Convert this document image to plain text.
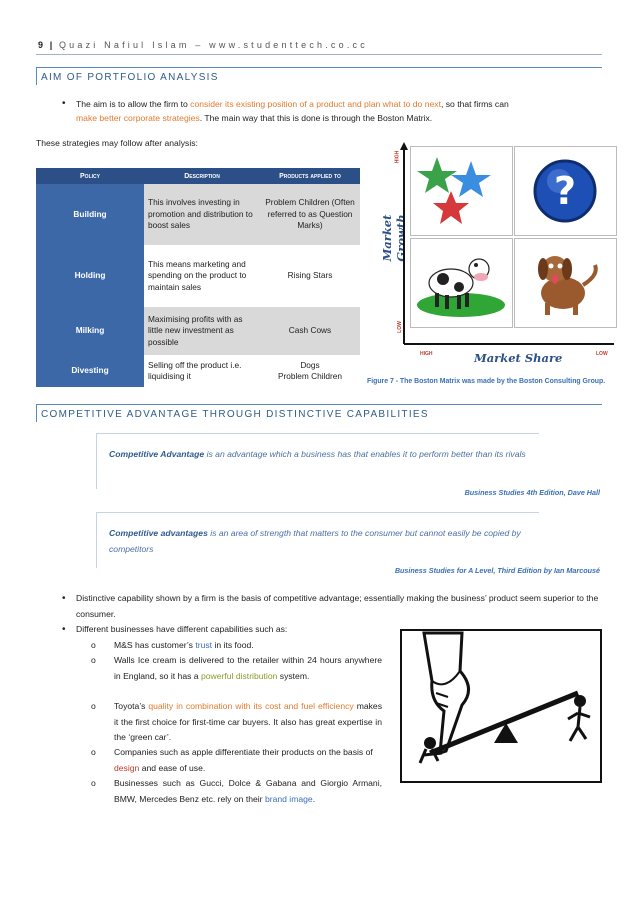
9 | Quazi Nafiul Islam – www.studenttech.co.cc
AIM OF PORTFOLIO ANALYSIS
• The aim is to allow the firm to consider its existing position of a product and plan what to do next, so that firms can
make better corporate strategies. The main way that this is done is through the Boston Matrix.
These strategies may follow after analysis:
Policy	Description	Products applied to
Building	This involves investing in promotion and distribution to boost sales	Problem Children (Often referred to as Question Marks)
Holding	This means marketing and spending on the product to maintain sales	Rising Stars
Milking	Maximising profits with as little new investment as possible	Cash Cows
Divesting	Selling off the product i.e. liquidising it	Dogs
Problem Children
Market Growth
HIGH
LOW
?
HIGH	Market Share	LOW
Figure 7 - The Boston Matrix was made by the Boston Consulting Group.
COMPETITIVE ADVANTAGE THROUGH DISTINCTIVE CAPABILITIES
Competitive Advantage is an advantage which a business has that enables it to perform better than its rivals
Business Studies 4th Edition, Dave Hall
Competitive advantages is an area of strength that matters to the consumer but cannot easily be copied by competitors
Business Studies for A Level, Third Edition by Ian Marcousé
• Distinctive capability shown by a firm is the basis of competitive advantage; essentially making the business’ product seem superior to the consumer.
• Different businesses have different capabilities such as:
o M&S has customer’s trust in its food.
o Walls Ice cream is delivered to the retailer within 24 hours anywhere in England, so it has a powerful distribution system.
o Toyota’s quality in combination with its cost and fuel efficiency makes it the first choice for first-time car buyers. It also has great expertise in the ‘green car’.
o Companies such as apple differentiate their products on the basis of design and ease of use.
o Businesses such as Gucci, Dolce & Gabana and Giorgio Armani, BMW, Mercedes Benz etc. rely on their brand image.
